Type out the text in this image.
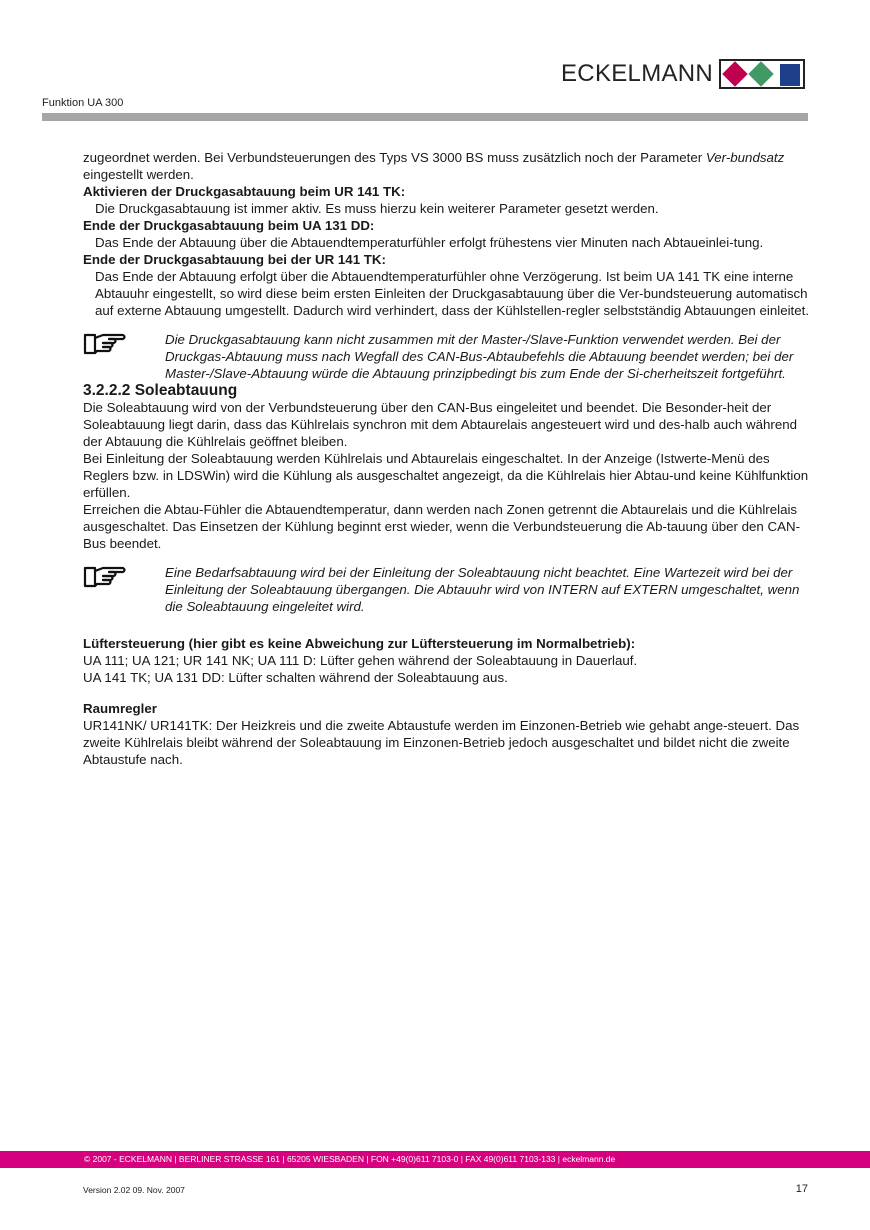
ECKELMANN
Funktion UA 300

zugeordnet werden. Bei Verbundsteuerungen des Typs VS 3000 BS muss zusätzlich noch der Parameter Ver-bundsatz eingestellt werden.

Aktivieren der Druckgasabtauung beim UR 141 TK:

Die Druckgasabtauung ist immer aktiv. Es muss hierzu kein weiterer Parameter gesetzt werden.

Ende der Druckgasabtauung beim UA 131 DD:

Das Ende der Abtauung über die Abtauendtemperaturfühler erfolgt frühestens vier Minuten nach Abtaueinlei-tung.

Ende der Druckgasabtauung bei der UR 141 TK:

Das Ende der Abtauung erfolgt über die Abtauendtemperaturfühler ohne Verzögerung. Ist beim UA 141 TK eine interne Abtauuhr eingestellt, so wird diese beim ersten Einleiten der Druckgasabtauung über die Ver-bundsteuerung automatisch auf externe Abtauung umgestellt. Dadurch wird verhindert, dass der Kühlstellen-regler selbstständig Abtauungen einleitet.

Die Druckgasabtauung kann nicht zusammen mit der Master-/Slave-Funktion verwendet werden. Bei der Druckgas-Abtauung muss nach Wegfall des CAN-Bus-Abtaubefehls die Abtauung beendet werden; bei der Master-/Slave-Abtauung würde die Abtauung prinzipbedingt bis zum Ende der Si-cherheitszeit fortgeführt.

3.2.2.2 Soleabtauung

Die Soleabtauung wird von der Verbundsteuerung über den CAN-Bus eingeleitet und beendet. Die Besonder-heit der Soleabtauung liegt darin, dass das Kühlrelais synchron mit dem Abtaurelais angesteuert wird und des-halb auch während der Abtauung die Kühlrelais geöffnet bleiben.

Bei Einleitung der Soleabtauung werden Kühlrelais und Abtaurelais eingeschaltet. In der Anzeige (Istwerte-Menü des Reglers bzw. in LDSWin) wird die Kühlung als ausgeschaltet angezeigt, da die Kühlrelais hier Abtau-und keine Kühlfunktion erfüllen.

Erreichen die Abtau-Fühler die Abtauendtemperatur, dann werden nach Zonen getrennt die Abtaurelais und die Kühlrelais ausgeschaltet. Das Einsetzen der Kühlung beginnt erst wieder, wenn die Verbundsteuerung die Ab-tauung über den CAN-Bus beendet.

Eine Bedarfsabtauung wird bei der Einleitung der Soleabtauung nicht beachtet. Eine Wartezeit wird bei der Einleitung der Soleabtauung übergangen. Die Abtauuhr wird von INTERN auf EXTERN umgeschaltet, wenn die Soleabtauung eingeleitet wird.

Lüftersteuerung (hier gibt es keine Abweichung zur Lüftersteuerung im Normalbetrieb):

UA 111; UA 121; UR 141 NK; UA 111 D: Lüfter gehen während der Soleabtauung in Dauerlauf.

UA 141 TK; UA 131 DD: Lüfter schalten während der Soleabtauung aus.

Raumregler

UR141NK/ UR141TK: Der Heizkreis und die zweite Abtaustufe werden im Einzonen-Betrieb wie gehabt ange-steuert. Das zweite Kühlrelais bleibt während der Soleabtauung im Einzonen-Betrieb jedoch ausgeschaltet und bildet nicht die zweite Abtaustufe nach.

© 2007 - ECKELMANN | BERLINER STRASSE 161 | 65205 WIESBADEN | FON +49(0)611 7103-0 | FAX 49(0)611 7103-133 | eckelmann.de
Version 2.02 09. Nov. 2007	17
